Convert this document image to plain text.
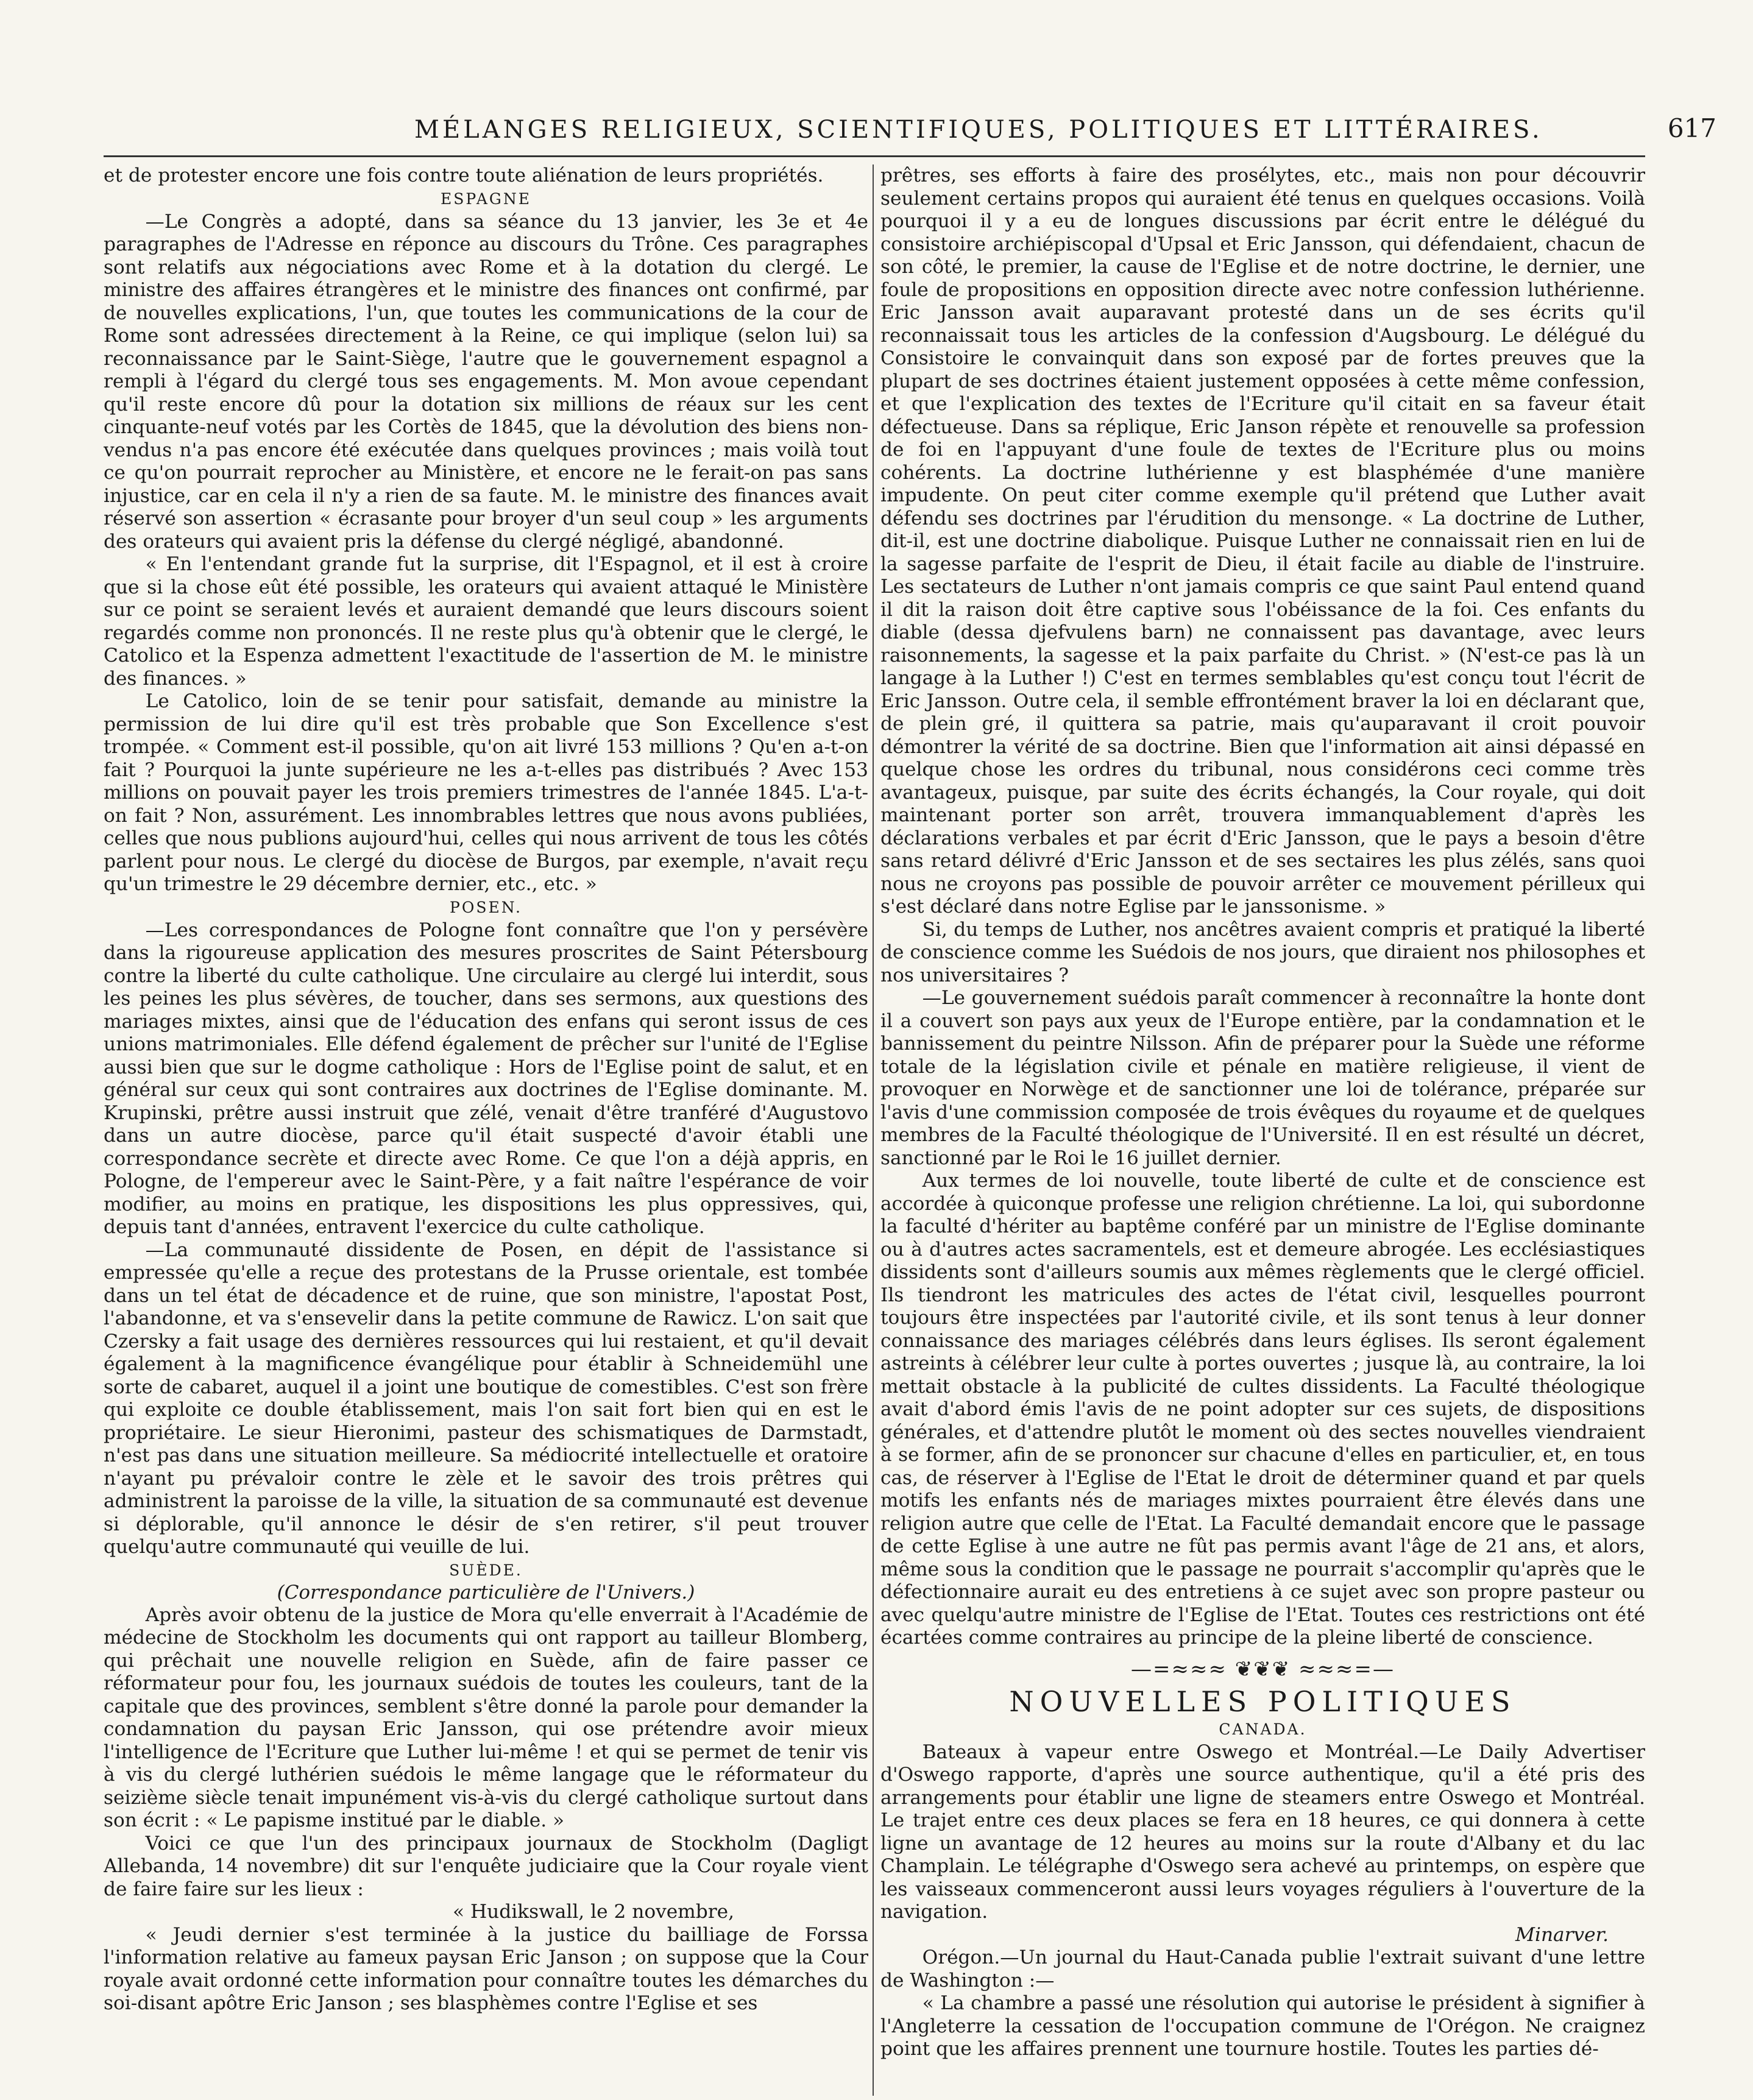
MÉLANGES RELIGIEUX, SCIENTIFIQUES, POLITIQUES ET LITTÉRAIRES.	617

et de protester encore une fois contre toute aliénation de leurs propriétés.

ESPAGNE

—Le Congrès a adopté, dans sa séance du 13 janvier, les 3e et 4e paragraphes de l'Adresse en réponce au discours du Trône. Ces paragraphes sont relatifs aux négociations avec Rome et à la dotation du clergé. Le ministre des affaires étrangères et le ministre des finances ont confirmé, par de nouvelles explications, l'un, que toutes les communications de la cour de Rome sont adressées directement à la Reine, ce qui implique (selon lui) sa reconnaissance par le Saint-Siège, l'autre que le gouvernement espagnol a rempli à l'égard du clergé tous ses engagements. M. Mon avoue cependant qu'il reste encore dû pour la dotation six millions de réaux sur les cent cinquante-neuf votés par les Cortès de 1845, que la dévolution des biens non-vendus n'a pas encore été exécutée dans quelques provinces ; mais voilà tout ce qu'on pourrait reprocher au Ministère, et encore ne le ferait-on pas sans injustice, car en cela il n'y a rien de sa faute. M. le ministre des finances avait réservé son assertion « écrasante pour broyer d'un seul coup » les arguments des orateurs qui avaient pris la défense du clergé négligé, abandonné.

« En l'entendant grande fut la surprise, dit l'Espagnol, et il est à croire que si la chose eût été possible, les orateurs qui avaient attaqué le Ministère sur ce point se seraient levés et auraient demandé que leurs discours soient regardés comme non prononcés. Il ne reste plus qu'à obtenir que le clergé, le Catolico et la Espenza admettent l'exactitude de l'assertion de M. le ministre des finances. »

Le Catolico, loin de se tenir pour satisfait, demande au ministre la permission de lui dire qu'il est très probable que Son Excellence s'est trompée. « Comment est-il possible, qu'on ait livré 153 millions ? Qu'en a-t-on fait ? Pourquoi la junte supérieure ne les a-t-elles pas distribués ? Avec 153 millions on pouvait payer les trois premiers trimestres de l'année 1845. L'a-t-on fait ? Non, assurément. Les innombrables lettres que nous avons publiées, celles que nous publions aujourd'hui, celles qui nous arrivent de tous les côtés parlent pour nous. Le clergé du diocèse de Burgos, par exemple, n'avait reçu qu'un trimestre le 29 décembre dernier, etc., etc. »

POSEN.

—Les correspondances de Pologne font connaître que l'on y persévère dans la rigoureuse application des mesures proscrites de Saint Pétersbourg contre la liberté du culte catholique. Une circulaire au clergé lui interdit, sous les peines les plus sévères, de toucher, dans ses sermons, aux questions des mariages mixtes, ainsi que de l'éducation des enfans qui seront issus de ces unions matrimoniales. Elle défend également de prêcher sur l'unité de l'Eglise aussi bien que sur le dogme catholique : Hors de l'Eglise point de salut, et en général sur ceux qui sont contraires aux doctrines de l'Eglise dominante. M. Krupinski, prêtre aussi instruit que zélé, venait d'être tranféré d'Augustovo dans un autre diocèse, parce qu'il était suspecté d'avoir établi une correspondance secrète et directe avec Rome. Ce que l'on a déjà appris, en Pologne, de l'empereur avec le Saint-Père, y a fait naître l'espérance de voir modifier, au moins en pratique, les dispositions les plus oppressives, qui, depuis tant d'années, entravent l'exercice du culte catholique.

—La communauté dissidente de Posen, en dépit de l'assistance si empressée qu'elle a reçue des protestans de la Prusse orientale, est tombée dans un tel état de décadence et de ruine, que son ministre, l'apostat Post, l'abandonne, et va s'ensevelir dans la petite commune de Rawicz. L'on sait que Czersky a fait usage des dernières ressources qui lui restaient, et qu'il devait également à la magnificence évangélique pour établir à Schneidemühl une sorte de cabaret, auquel il a joint une boutique de comestibles. C'est son frère qui exploite ce double établissement, mais l'on sait fort bien qui en est le propriétaire. Le sieur Hieronimi, pasteur des schismatiques de Darmstadt, n'est pas dans une situation meilleure. Sa médiocrité intellectuelle et oratoire n'ayant pu prévaloir contre le zèle et le savoir des trois prêtres qui administrent la paroisse de la ville, la situation de sa communauté est devenue si déplorable, qu'il annonce le désir de s'en retirer, s'il peut trouver quelqu'autre communauté qui veuille de lui.

SUÈDE.
(Correspondance particulière de l'Univers.)

Après avoir obtenu de la justice de Mora qu'elle enverrait à l'Académie de médecine de Stockholm les documents qui ont rapport au tailleur Blomberg, qui prêchait une nouvelle religion en Suède, afin de faire passer ce réformateur pour fou, les journaux suédois de toutes les couleurs, tant de la capitale que des provinces, semblent s'être donné la parole pour demander la condamnation du paysan Eric Jansson, qui ose prétendre avoir mieux l'intelligence de l'Ecriture que Luther lui-même ! et qui se permet de tenir vis à vis du clergé luthérien suédois le même langage que le réformateur du seizième siècle tenait impunément vis-à-vis du clergé catholique surtout dans son écrit : « Le papisme institué par le diable. »

Voici ce que l'un des principaux journaux de Stockholm (Dagligt Allebanda, 14 novembre) dit sur l'enquête judiciaire que la Cour royale vient de faire faire sur les lieux :

« Hudikswall, le 2 novembre,

« Jeudi dernier s'est terminée à la justice du bailliage de Forssa l'information relative au fameux paysan Eric Janson ; on suppose que la Cour royale avait ordonné cette information pour connaître toutes les démarches du soi-disant apôtre Eric Janson ; ses blasphèmes contre l'Eglise et ses

prêtres, ses efforts à faire des prosélytes, etc., mais non pour découvrir seulement certains propos qui auraient été tenus en quelques occasions. Voilà pourquoi il y a eu de longues discussions par écrit entre le délégué du consistoire archiépiscopal d'Upsal et Eric Jansson, qui défendaient, chacun de son côté, le premier, la cause de l'Eglise et de notre doctrine, le dernier, une foule de propositions en opposition directe avec notre confession luthérienne. Eric Jansson avait auparavant protesté dans un de ses écrits qu'il reconnaissait tous les articles de la confession d'Augsbourg. Le délégué du Consistoire le convainquit dans son exposé par de fortes preuves que la plupart de ses doctrines étaient justement opposées à cette même confession, et que l'explication des textes de l'Ecriture qu'il citait en sa faveur était défectueuse. Dans sa réplique, Eric Janson répète et renouvelle sa profession de foi en l'appuyant d'une foule de textes de l'Ecriture plus ou moins cohérents. La doctrine luthérienne y est blasphémée d'une manière impudente. On peut citer comme exemple qu'il prétend que Luther avait défendu ses doctrines par l'érudition du mensonge. « La doctrine de Luther, dit-il, est une doctrine diabolique. Puisque Luther ne connaissait rien en lui de la sagesse parfaite de l'esprit de Dieu, il était facile au diable de l'instruire. Les sectateurs de Luther n'ont jamais compris ce que saint Paul entend quand il dit la raison doit être captive sous l'obéissance de la foi. Ces enfants du diable (dessa djefvulens barn) ne connaissent pas davantage, avec leurs raisonnements, la sagesse et la paix parfaite du Christ. » (N'est-ce pas là un langage à la Luther !) C'est en termes semblables qu'est conçu tout l'écrit de Eric Jansson. Outre cela, il semble effrontément braver la loi en déclarant que, de plein gré, il quittera sa patrie, mais qu'auparavant il croit pouvoir démontrer la vérité de sa doctrine. Bien que l'information ait ainsi dépassé en quelque chose les ordres du tribunal, nous considérons ceci comme très avantageux, puisque, par suite des écrits échangés, la Cour royale, qui doit maintenant porter son arrêt, trouvera immanquablement d'après les déclarations verbales et par écrit d'Eric Jansson, que le pays a besoin d'être sans retard délivré d'Eric Jansson et de ses sectaires les plus zélés, sans quoi nous ne croyons pas possible de pouvoir arrêter ce mouvement périlleux qui s'est déclaré dans notre Eglise par le janssonisme. »

Si, du temps de Luther, nos ancêtres avaient compris et pratiqué la liberté de conscience comme les Suédois de nos jours, que diraient nos philosophes et nos universitaires ?

—Le gouvernement suédois paraît commencer à reconnaître la honte dont il a couvert son pays aux yeux de l'Europe entière, par la condamnation et le bannissement du peintre Nilsson. Afin de préparer pour la Suède une réforme totale de la législation civile et pénale en matière religieuse, il vient de provoquer en Norwège et de sanctionner une loi de tolérance, préparée sur l'avis d'une commission composée de trois évêques du royaume et de quelques membres de la Faculté théologique de l'Université. Il en est résulté un décret, sanctionné par le Roi le 16 juillet dernier.

Aux termes de loi nouvelle, toute liberté de culte et de conscience est accordée à quiconque professe une religion chrétienne. La loi, qui subordonne la faculté d'hériter au baptême conféré par un ministre de l'Eglise dominante ou à d'autres actes sacramentels, est et demeure abrogée. Les ecclésiastiques dissidents sont d'ailleurs soumis aux mêmes règlements que le clergé officiel. Ils tiendront les matricules des actes de l'état civil, lesquelles pourront toujours être inspectées par l'autorité civile, et ils sont tenus à leur donner connaissance des mariages célébrés dans leurs églises. Ils seront également astreints à célébrer leur culte à portes ouvertes ; jusque là, au contraire, la loi mettait obstacle à la publicité de cultes dissidents. La Faculté théologique avait d'abord émis l'avis de ne point adopter sur ces sujets, de dispositions générales, et d'attendre plutôt le moment où des sectes nouvelles viendraient à se former, afin de se prononcer sur chacune d'elles en particulier, et, en tous cas, de réserver à l'Eglise de l'Etat le droit de déterminer quand et par quels motifs les enfants nés de mariages mixtes pourraient être élevés dans une religion autre que celle de l'Etat. La Faculté demandait encore que le passage de cette Eglise à une autre ne fût pas permis avant l'âge de 21 ans, et alors, même sous la condition que le passage ne pourrait s'accomplir qu'après que le défectionnaire aurait eu des entretiens à ce sujet avec son propre pasteur ou avec quelqu'autre ministre de l'Eglise de l'Etat. Toutes ces restrictions ont été écartées comme contraires au principe de la pleine liberté de conscience.

—=≈≈≈ ❦❦❦ ≈≈≈=—
NOUVELLES POLITIQUES
CANADA.

Bateaux à vapeur entre Oswego et Montréal.—Le Daily Advertiser d'Oswego rapporte, d'après une source authentique, qu'il a été pris des arrangements pour établir une ligne de steamers entre Oswego et Montréal. Le trajet entre ces deux places se fera en 18 heures, ce qui donnera à cette ligne un avantage de 12 heures au moins sur la route d'Albany et du lac Champlain. Le télégraphe d'Oswego sera achevé au printemps, on espère que les vaisseaux commenceront aussi leurs voyages réguliers à l'ouverture de la navigation.

Minarver.

Orégon.—Un journal du Haut-Canada publie l'extrait suivant d'une lettre de Washington :—

« La chambre a passé une résolution qui autorise le président à signifier à l'Angleterre la cessation de l'occupation commune de l'Orégon. Ne craignez point que les affaires prennent une tournure hostile. Toutes les parties dé-
